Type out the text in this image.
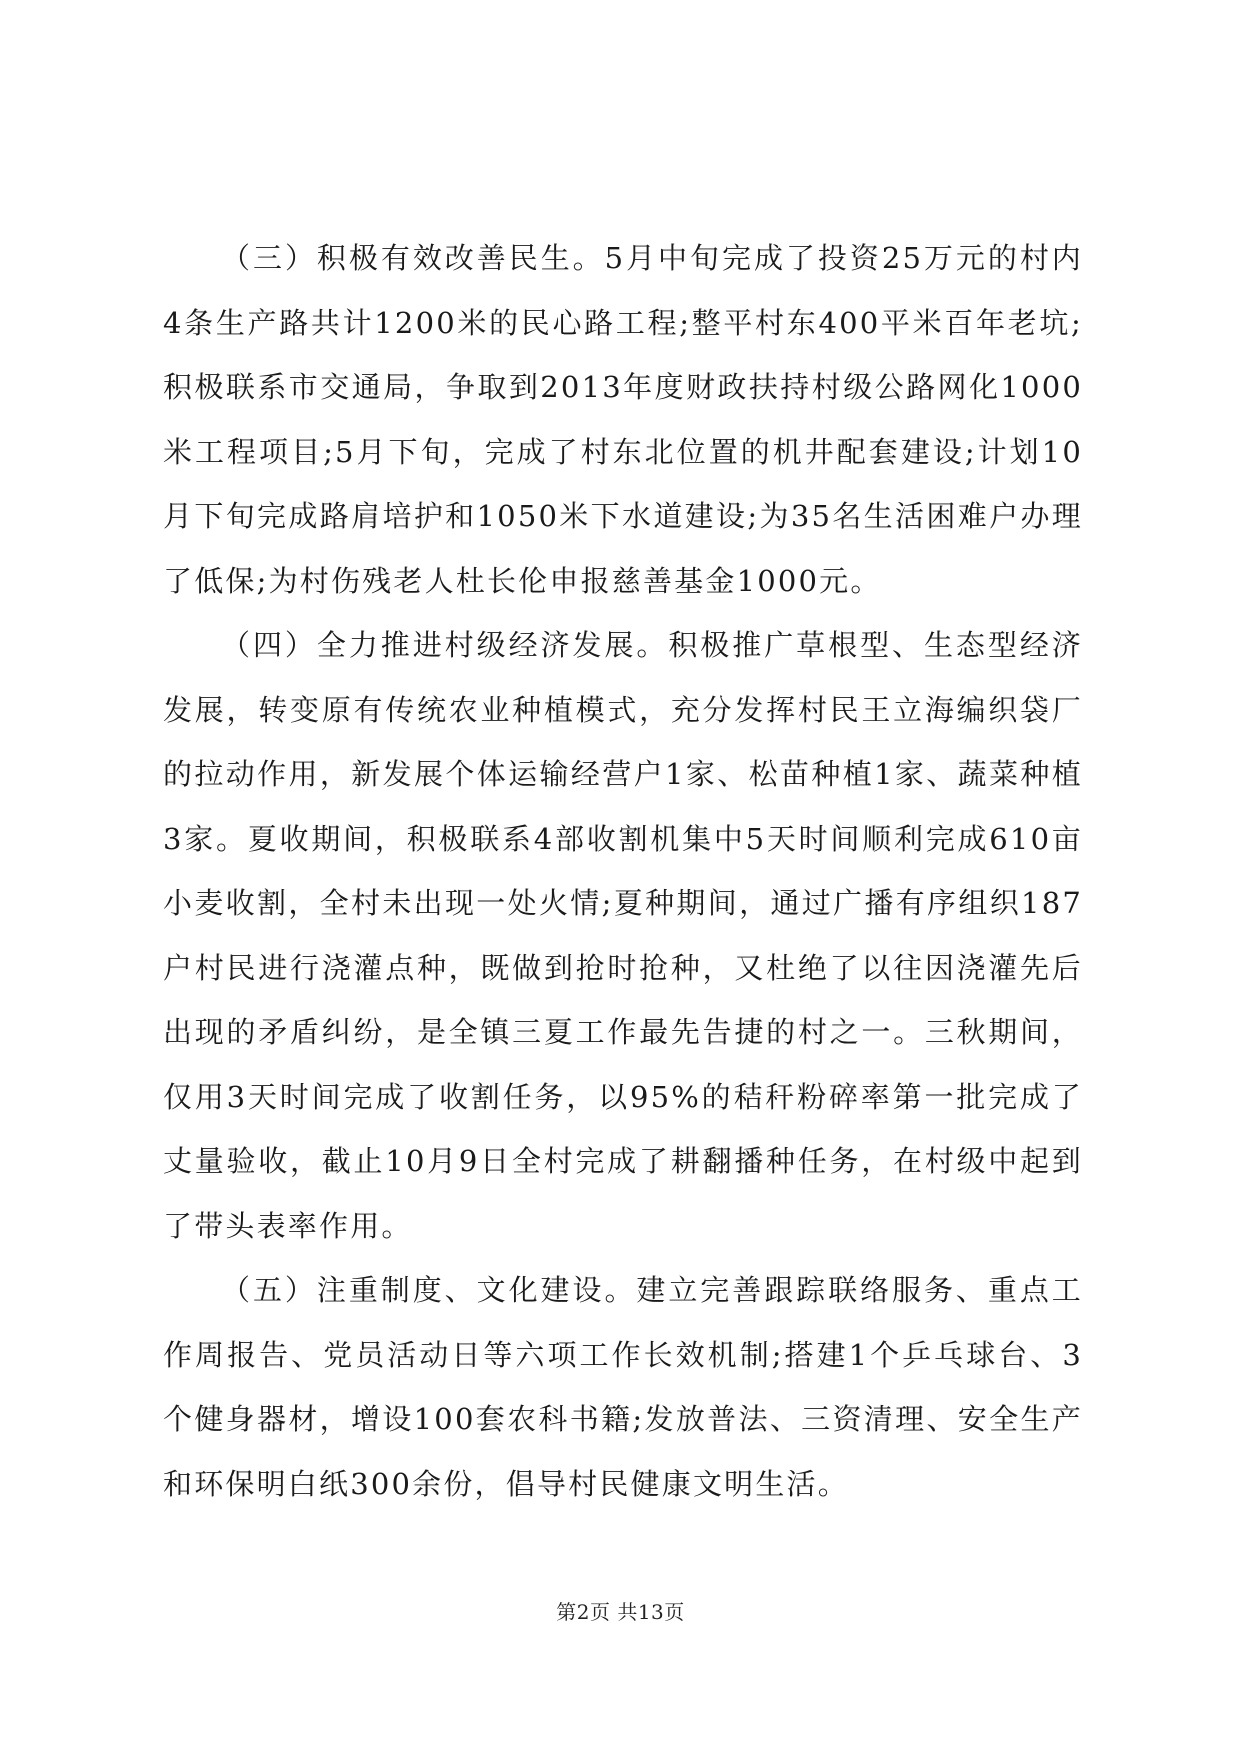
（三）积极有效改善民生。5月中旬完成了投资25万元的村内4条生产路共计1200米的民心路工程;整平村东400平米百年老坑;积极联系市交通局，争取到2013年度财政扶持村级公路网化1000米工程项目;5月下旬，完成了村东北位置的机井配套建设;计划10月下旬完成路肩培护和1050米下水道建设;为35名生活困难户办理了低保;为村伤残老人杜长伦申报慈善基金1000元。

（四）全力推进村级经济发展。积极推广草根型、生态型经济发展，转变原有传统农业种植模式，充分发挥村民王立海编织袋厂的拉动作用，新发展个体运输经营户1家、松苗种植1家、蔬菜种植3家。夏收期间，积极联系4部收割机集中5天时间顺利完成610亩小麦收割，全村未出现一处火情;夏种期间，通过广播有序组织187户村民进行浇灌点种，既做到抢时抢种，又杜绝了以往因浇灌先后出现的矛盾纠纷，是全镇三夏工作最先告捷的村之一。三秋期间，仅用3天时间完成了收割任务，以95%的秸秆粉碎率第一批完成了丈量验收，截止10月9日全村完成了耕翻播种任务，在村级中起到了带头表率作用。

（五）注重制度、文化建设。建立完善跟踪联络服务、重点工作周报告、党员活动日等六项工作长效机制;搭建1个乒乓球台、3个健身器材，增设100套农科书籍;发放普法、三资清理、安全生产和环保明白纸300余份，倡导村民健康文明生活。

第2页 共13页
